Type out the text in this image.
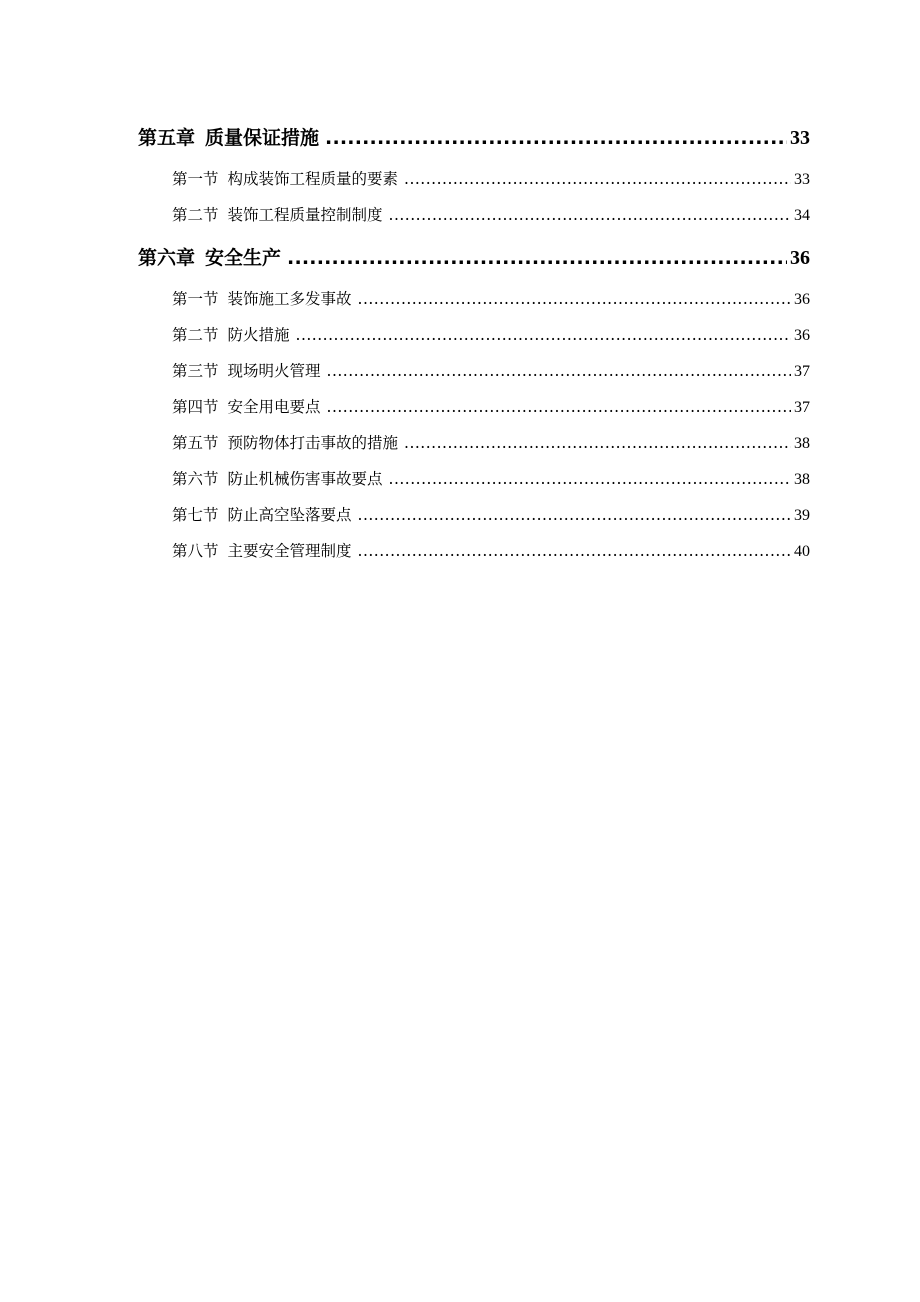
第五章 质量保证措施 .....	33
第一节 构成装饰工程质量的要素 .....	33
第二节 装饰工程质量控制制度 .....	34
第六章 安全生产 .....	36
第一节 装饰施工多发事故 .....	36
第二节 防火措施 .....	36
第三节 现场明火管理 .....	37
第四节 安全用电要点 .....	37
第五节 预防物体打击事故的措施 .....	38
第六节 防止机械伤害事故要点 .....	38
第七节 防止高空坠落要点 .....	39
第八节 主要安全管理制度 .....	40
